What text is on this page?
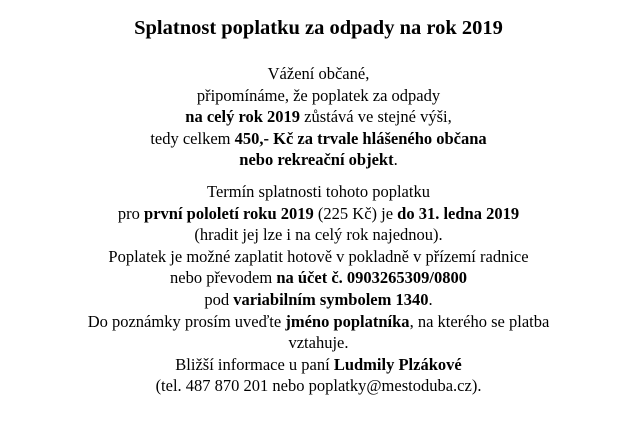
Splatnost poplatku za odpady na rok 2019

Vážení občané,
připomínáme, že poplatek za odpady
na celý rok 2019 zůstává ve stejné výši,
tedy celkem 450,- Kč za trvale hlášeného občana
nebo rekreační objekt.

Termín splatnosti tohoto poplatku
pro první pololetí roku 2019 (225 Kč) je do 31. ledna 2019
(hradit jej lze i na celý rok najednou).
Poplatek je možné zaplatit hotově v pokladně v přízemí radnice
nebo převodem na účet č. 0903265309/0800
pod variabilním symbolem 1340.
Do poznámky prosím uveďte jméno poplatníka, na kterého se platba
vztahuje.
Bližší informace u paní Ludmily Plzákové
(tel. 487 870 201 nebo poplatky@mestoduba.cz).
